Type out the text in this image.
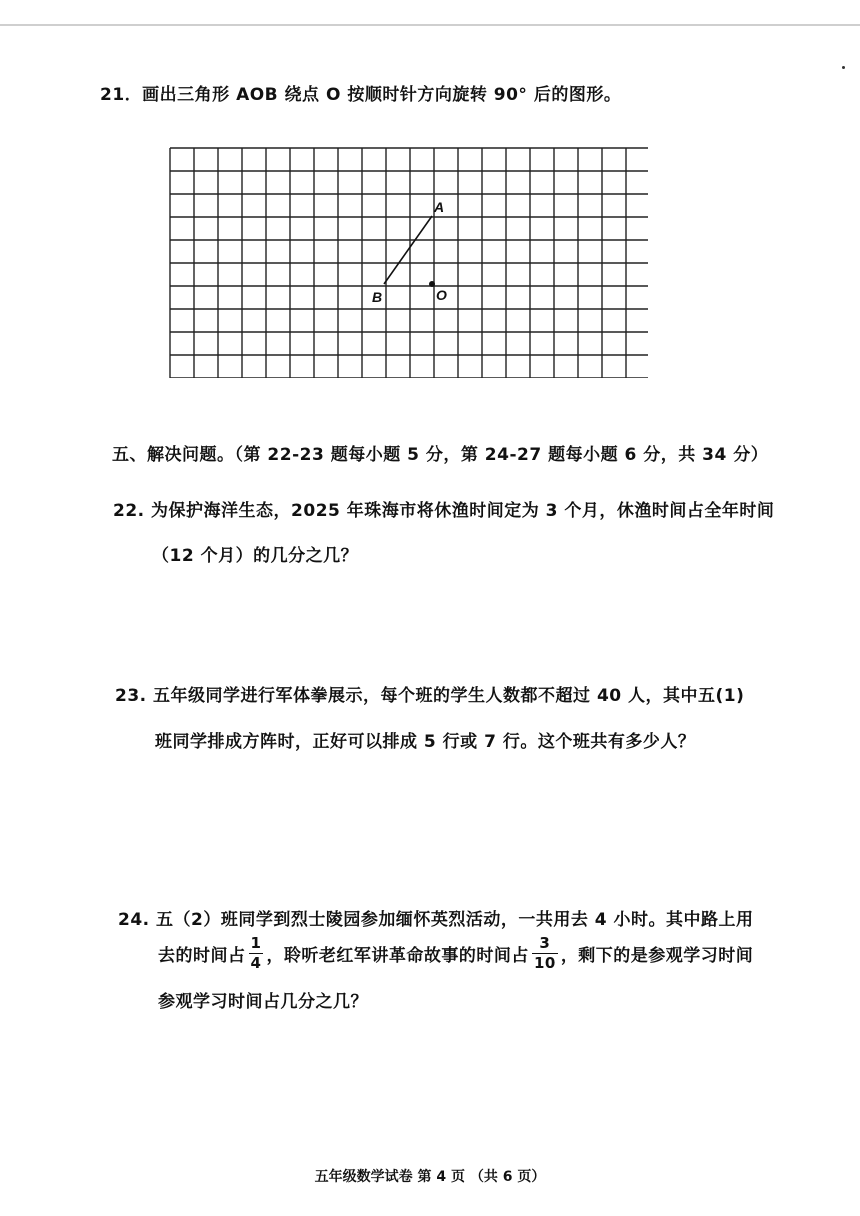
21．画出三角形 AOB 绕点 O 按顺时针方向旋转 90° 后的图形。
A
B	O
五、解决问题。（第 22-23 题每小题 5 分，第 24-27 题每小题 6 分，共 34 分）
22. 为保护海洋生态，2025 年珠海市将休渔时间定为 3 个月，休渔时间占全年时间
（12 个月）的几分之几？
23. 五年级同学进行军体拳展示，每个班的学生人数都不超过 40 人，其中五(1)
班同学排成方阵时，正好可以排成 5 行或 7 行。这个班共有多少人？
24. 五（2）班同学到烈士陵园参加缅怀英烈活动，一共用去 4 小时。其中路上用
去的时间占 $\frac{1}{4}$ ，聆听老红军讲革命故事的时间占 $\frac{3}{10}$ ，剩下的是参观学习时间
参观学习时间占几分之几？
五年级数学试卷 第 4 页 （共 6 页）
